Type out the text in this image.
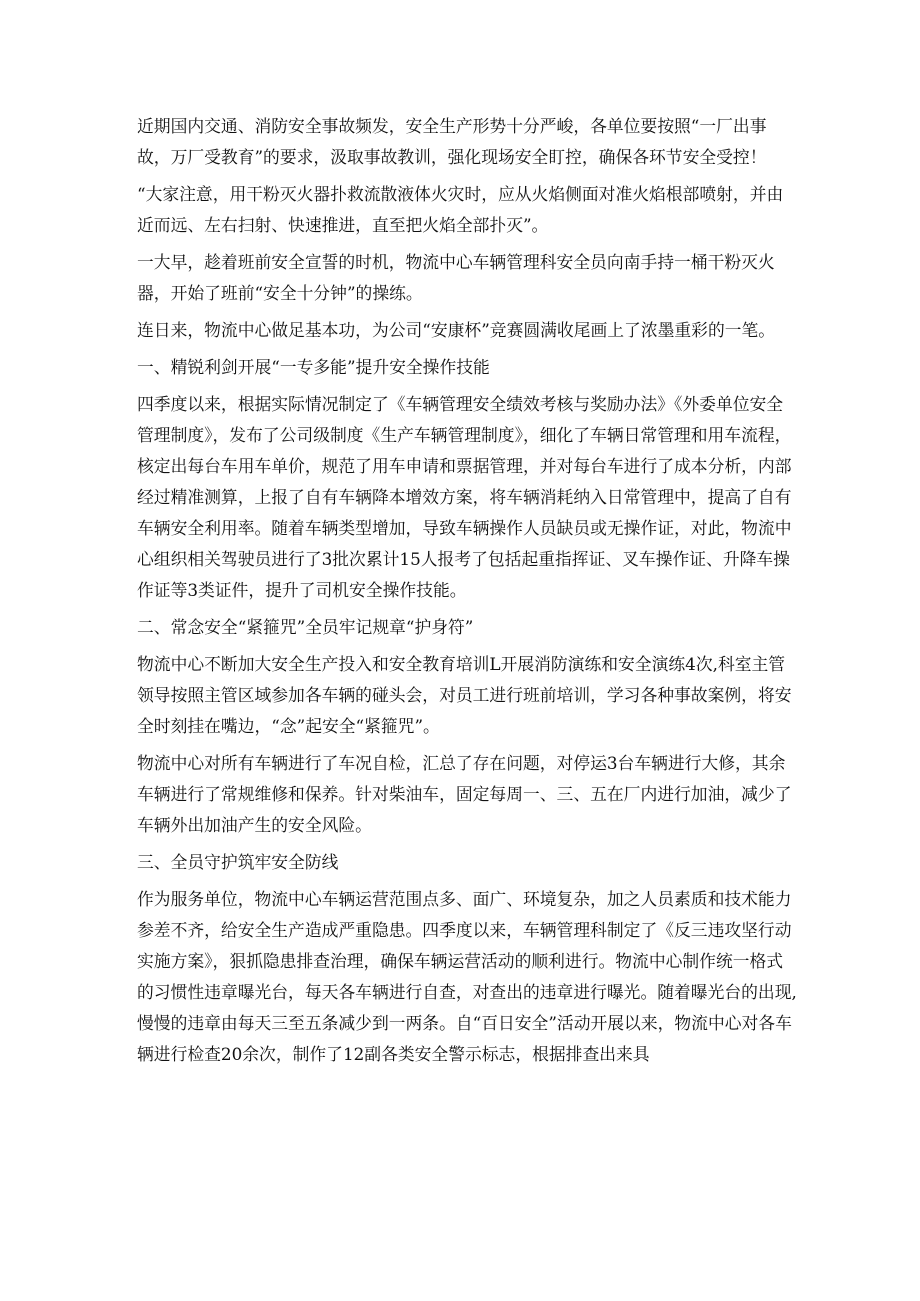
近期国内交通、消防安全事故频发，安全生产形势十分严峻，各单位要按照“一厂出事故，万厂受教育”的要求，汲取事故教训，强化现场安全盯控，确保各环节安全受控！

“大家注意，用干粉灭火器扑救流散液体火灾时，应从火焰侧面对准火焰根部喷射，并由近而远、左右扫射、快速推进，直至把火焰全部扑灭”。

一大早，趁着班前安全宣誓的时机，物流中心车辆管理科安全员向南手持一桶干粉灭火器，开始了班前“安全十分钟”的操练。

连日来，物流中心做足基本功，为公司“安康杯”竞赛圆满收尾画上了浓墨重彩的一笔。

一、精锐利剑开展“一专多能”提升安全操作技能

四季度以来，根据实际情况制定了《车辆管理安全绩效考核与奖励办法》《外委单位安全管理制度》，发布了公司级制度《生产车辆管理制度》，细化了车辆日常管理和用车流程，核定出每台车用车单价，规范了用车申请和票据管理，并对每台车进行了成本分析，内部经过精准测算，上报了自有车辆降本增效方案，将车辆消耗纳入日常管理中，提高了自有车辆安全利用率。随着车辆类型增加，导致车辆操作人员缺员或无操作证，对此，物流中心组织相关驾驶员进行了3批次累计15人报考了包括起重指挥证、叉车操作证、升降车操作证等3类证件，提升了司机安全操作技能。

二、常念安全“紧箍咒”全员牢记规章“护身符”

物流中心不断加大安全生产投入和安全教育培训L开展消防演练和安全演练4次,科室主管领导按照主管区域参加各车辆的碰头会，对员工进行班前培训，学习各种事故案例，将安全时刻挂在嘴边，“念”起安全“紧箍咒”。

物流中心对所有车辆进行了车况自检，汇总了存在问题，对停运3台车辆进行大修，其余车辆进行了常规维修和保养。针对柴油车，固定每周一、三、五在厂内进行加油，减少了车辆外出加油产生的安全风险。

三、全员守护筑牢安全防线

作为服务单位，物流中心车辆运营范围点多、面广、环境复杂，加之人员素质和技术能力参差不齐，给安全生产造成严重隐患。四季度以来，车辆管理科制定了《反三违攻坚行动实施方案》，狠抓隐患排查治理，确保车辆运营活动的顺利进行。物流中心制作统一格式的习惯性违章曝光台，每天各车辆进行自查，对查出的违章进行曝光。随着曝光台的出现,慢慢的违章由每天三至五条减少到一两条。自“百日安全”活动开展以来，物流中心对各车辆进行检查20余次，制作了12副各类安全警示标志，根据排查出来具
